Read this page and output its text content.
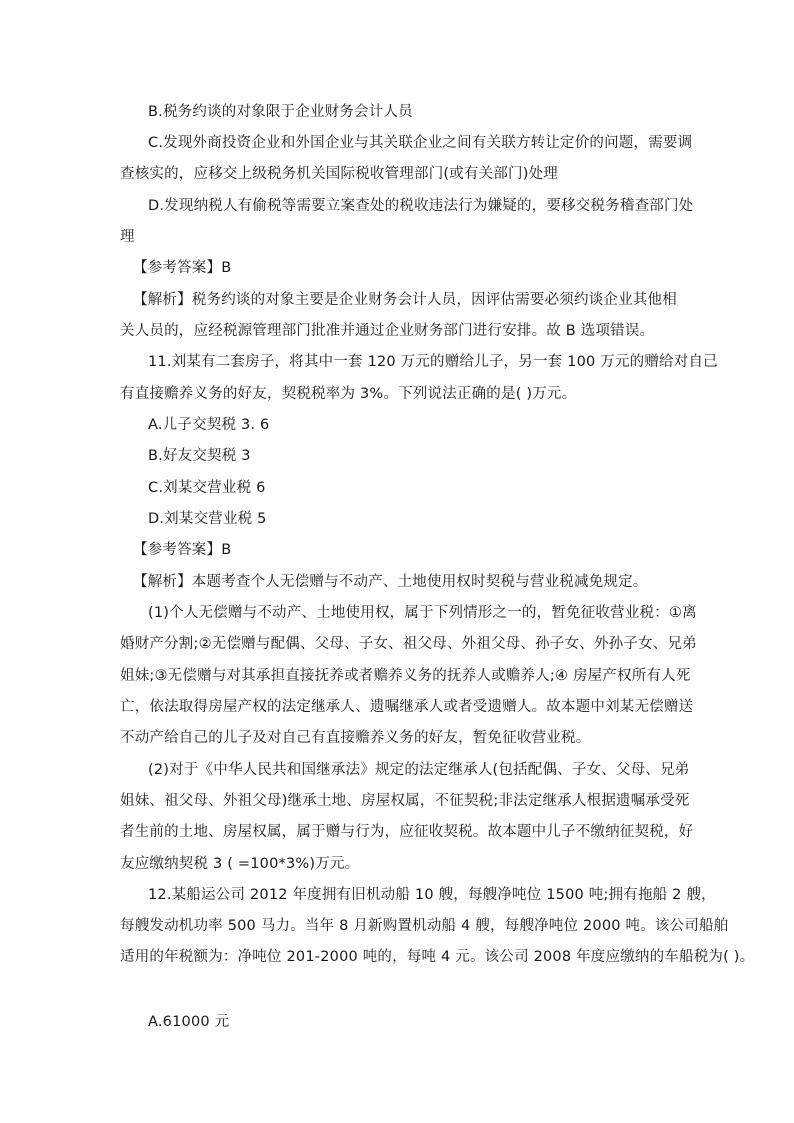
B.税务约谈的对象限于企业财务会计人员
C.发现外商投资企业和外国企业与其关联企业之间有关联方转让定价的问题，需要调
查核实的，应移交上级税务机关国际税收管理部门(或有关部门)处理
D.发现纳税人有偷税等需要立案查处的税收违法行为嫌疑的，要移交税务稽查部门处
理
【参考答案】B
【解析】税务约谈的对象主要是企业财务会计人员，因评估需要必须约谈企业其他相
关人员的，应经税源管理部门批准并通过企业财务部门进行安排。故 B 选项错误。
11.刘某有二套房子，将其中一套 120 万元的赠给儿子，另一套 100 万元的赠给对自己
有直接赡养义务的好友，契税税率为 3%。下列说法正确的是( )万元。
A.儿子交契税 3. 6
B.好友交契税 3
C.刘某交营业税 6
D.刘某交营业税 5
【参考答案】B
【解析】本题考查个人无偿赠与不动产、土地使用权时契税与营业税减免规定。
(1)个人无偿赠与不动产、土地使用权，属于下列情形之一的，暂免征收营业税：①离
婚财产分割;②无偿赠与配偶、父母、子女、祖父母、外祖父母、孙子女、外孙子女、兄弟
姐妹;③无偿赠与对其承担直接抚养或者赡养义务的抚养人或赡养人;④ 房屋产权所有人死
亡，依法取得房屋产权的法定继承人、遗嘱继承人或者受遗赠人。故本题中刘某无偿赠送
不动产给自己的儿子及对自己有直接赡养义务的好友，暂免征收营业税。
(2)对于《中华人民共和国继承法》规定的法定继承人(包括配偶、子女、父母、兄弟
姐妹、祖父母、外祖父母)继承土地、房屋权属，不征契税;非法定继承人根据遗嘱承受死
者生前的土地、房屋权属，属于赠与行为，应征收契税。故本题中儿子不缴纳征契税，好
友应缴纳契税 3 ( =100*3%)万元。
12.某船运公司 2012 年度拥有旧机动船 10 艘，每艘净吨位 1500 吨;拥有拖船 2 艘，
每艘发动机功率 500 马力。当年 8 月新购置机动船 4 艘，每艘净吨位 2000 吨。该公司船舶
适用的年税额为：净吨位 201-2000 吨的，每吨 4 元。该公司 2008 年度应缴纳的车船税为( )。
A.61000 元
